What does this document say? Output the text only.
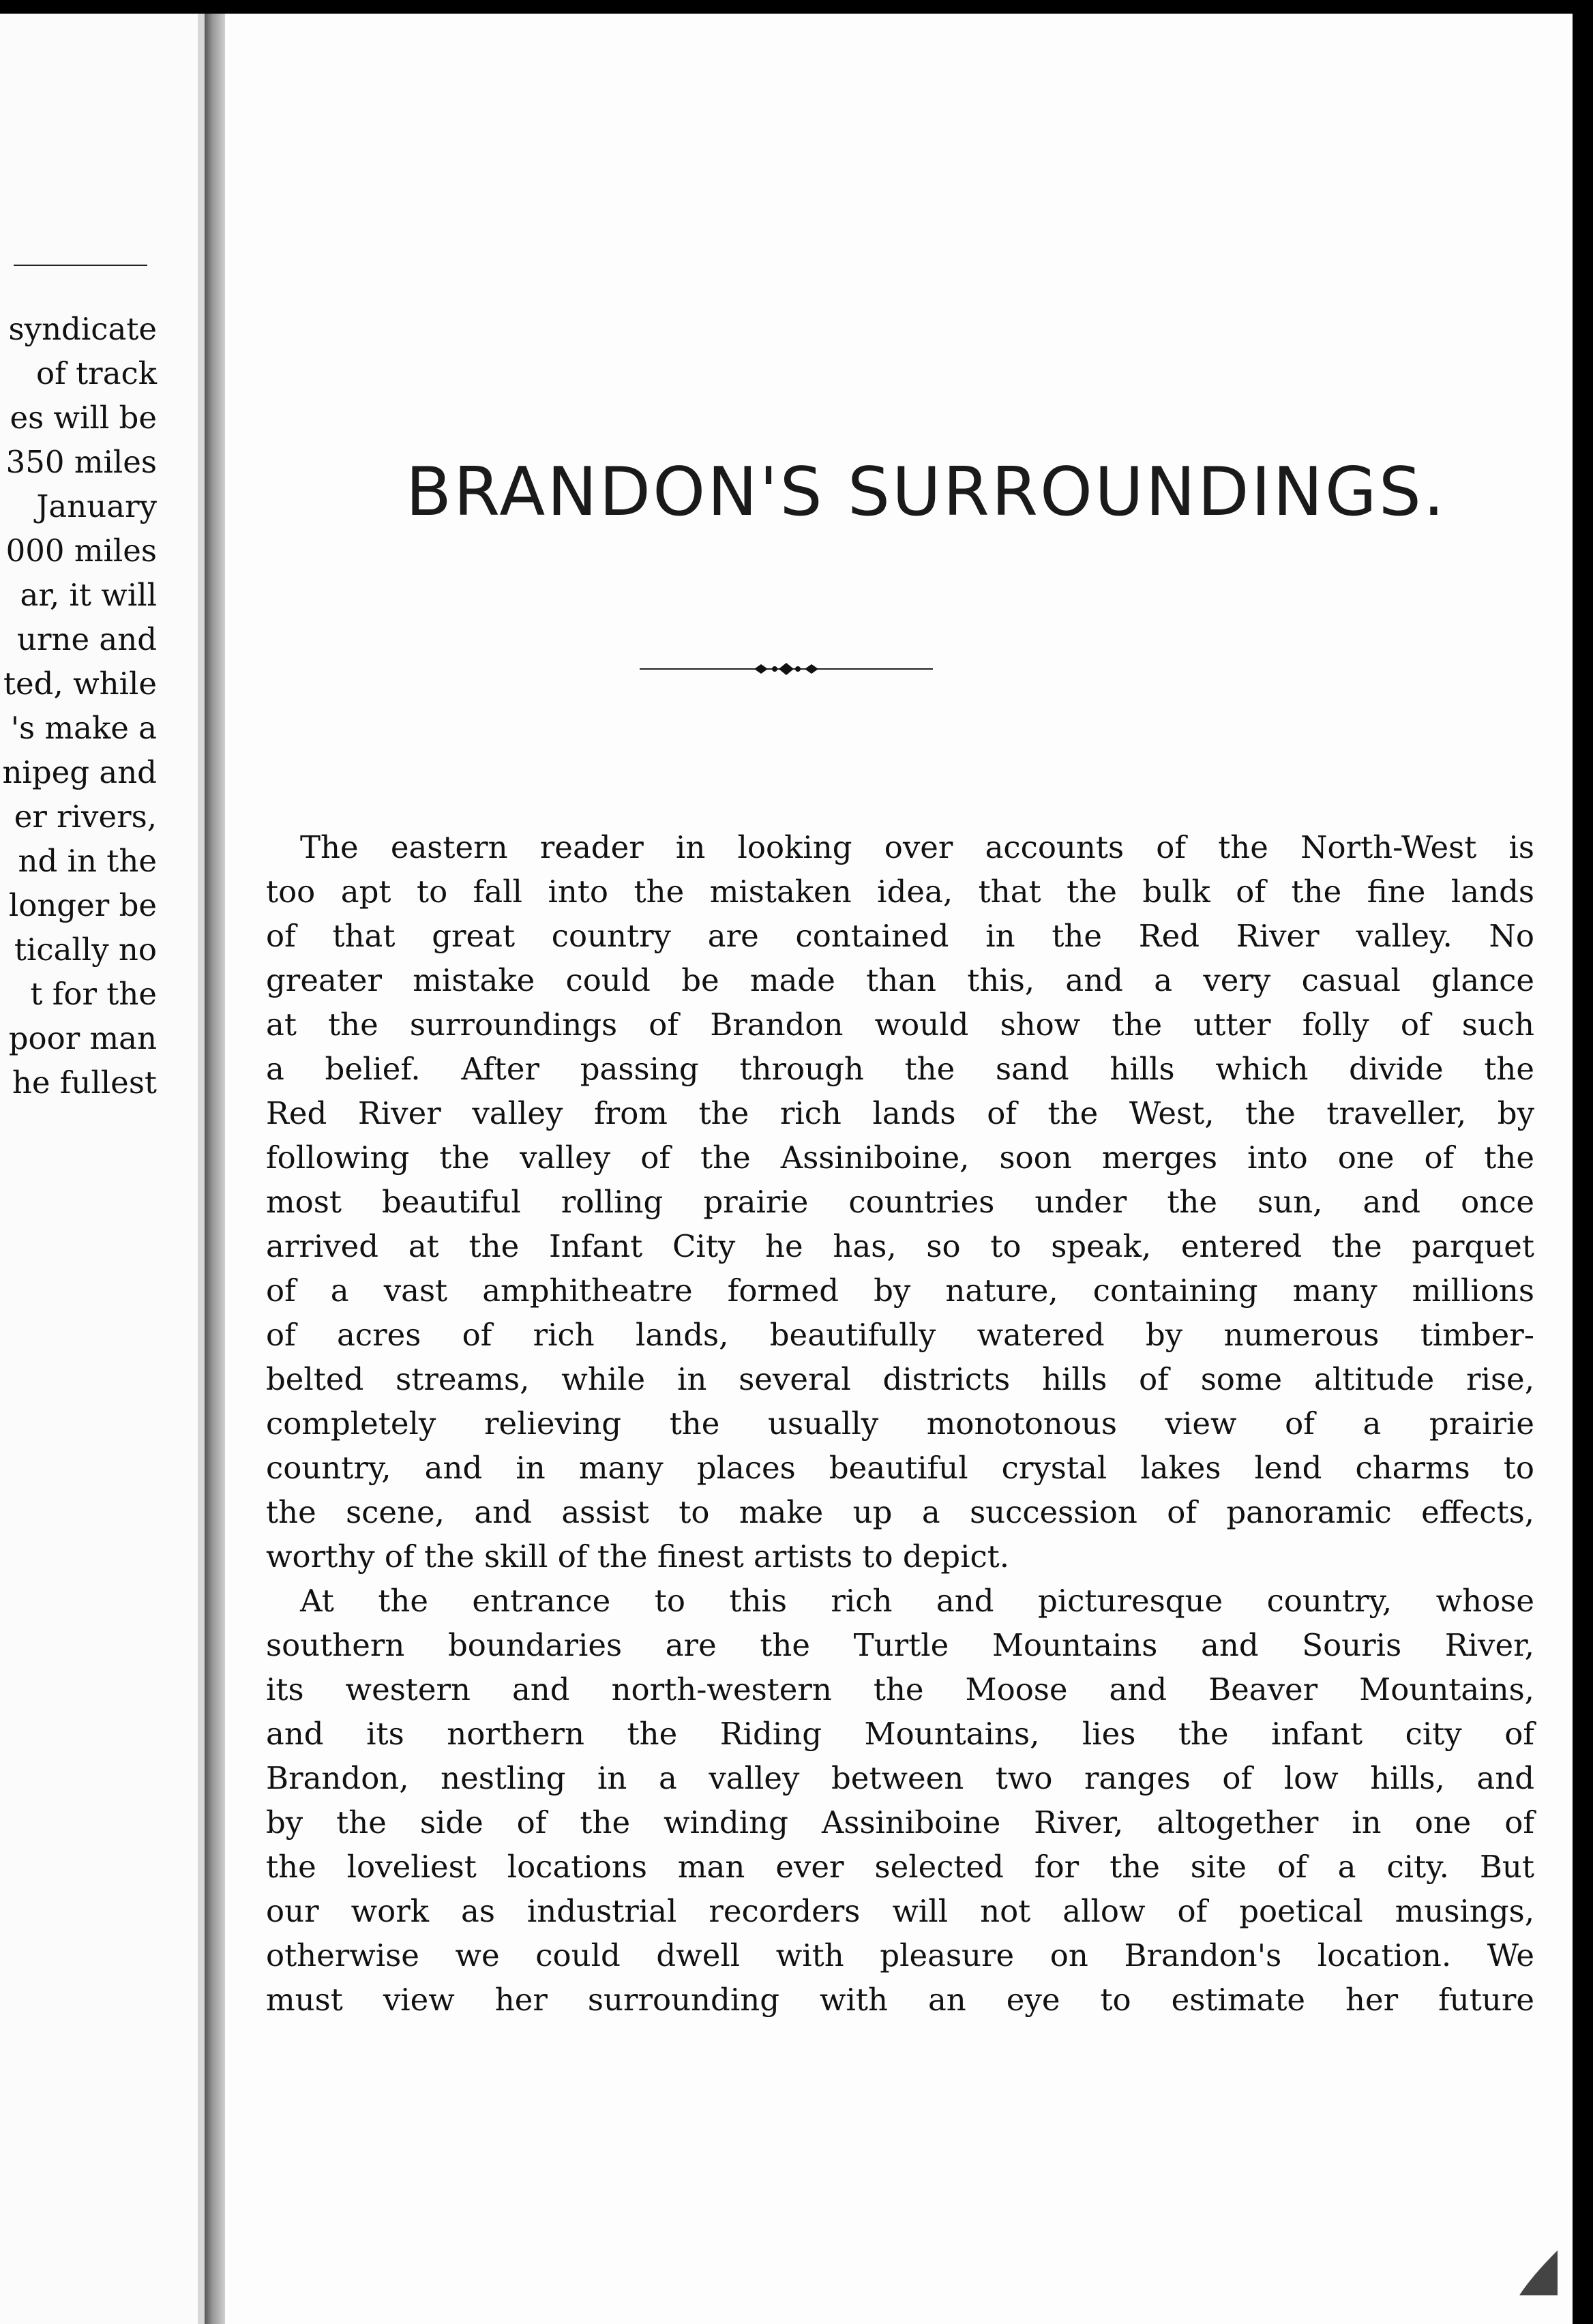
syndicate
of track
es will be
350 miles
January
000 miles
ar, it will
urne and
ted, while
's make a
nipeg and
er rivers,
nd in the
longer be
tically no
t for the
poor man
he fullest
BRANDON'S SURROUNDINGS.
The eastern reader in looking over accounts of the North-West is
too apt to fall into the mistaken idea, that the bulk of the fine lands
of that great country are contained in the Red River valley. No
greater mistake could be made than this, and a very casual glance
at the surroundings of Brandon would show the utter folly of such
a belief. After passing through the sand hills which divide the
Red River valley from the rich lands of the West, the traveller, by
following the valley of the Assiniboine, soon merges into one of the
most beautiful rolling prairie countries under the sun, and once
arrived at the Infant City he has, so to speak, entered the parquet
of a vast amphitheatre formed by nature, containing many millions
of acres of rich lands, beautifully watered by numerous timber-
belted streams, while in several districts hills of some altitude rise,
completely relieving the usually monotonous view of a prairie
country, and in many places beautiful crystal lakes lend charms to
the scene, and assist to make up a succession of panoramic effects,
worthy of the skill of the finest artists to depict.
At the entrance to this rich and picturesque country, whose
southern boundaries are the Turtle Mountains and Souris River,
its western and north-western the Moose and Beaver Mountains,
and its northern the Riding Mountains, lies the infant city of
Brandon, nestling in a valley between two ranges of low hills, and
by the side of the winding Assiniboine River, altogether in one of
the loveliest locations man ever selected for the site of a city. But
our work as industrial recorders will not allow of poetical musings,
otherwise we could dwell with pleasure on Brandon's location. We
must view her surrounding with an eye to estimate her future
